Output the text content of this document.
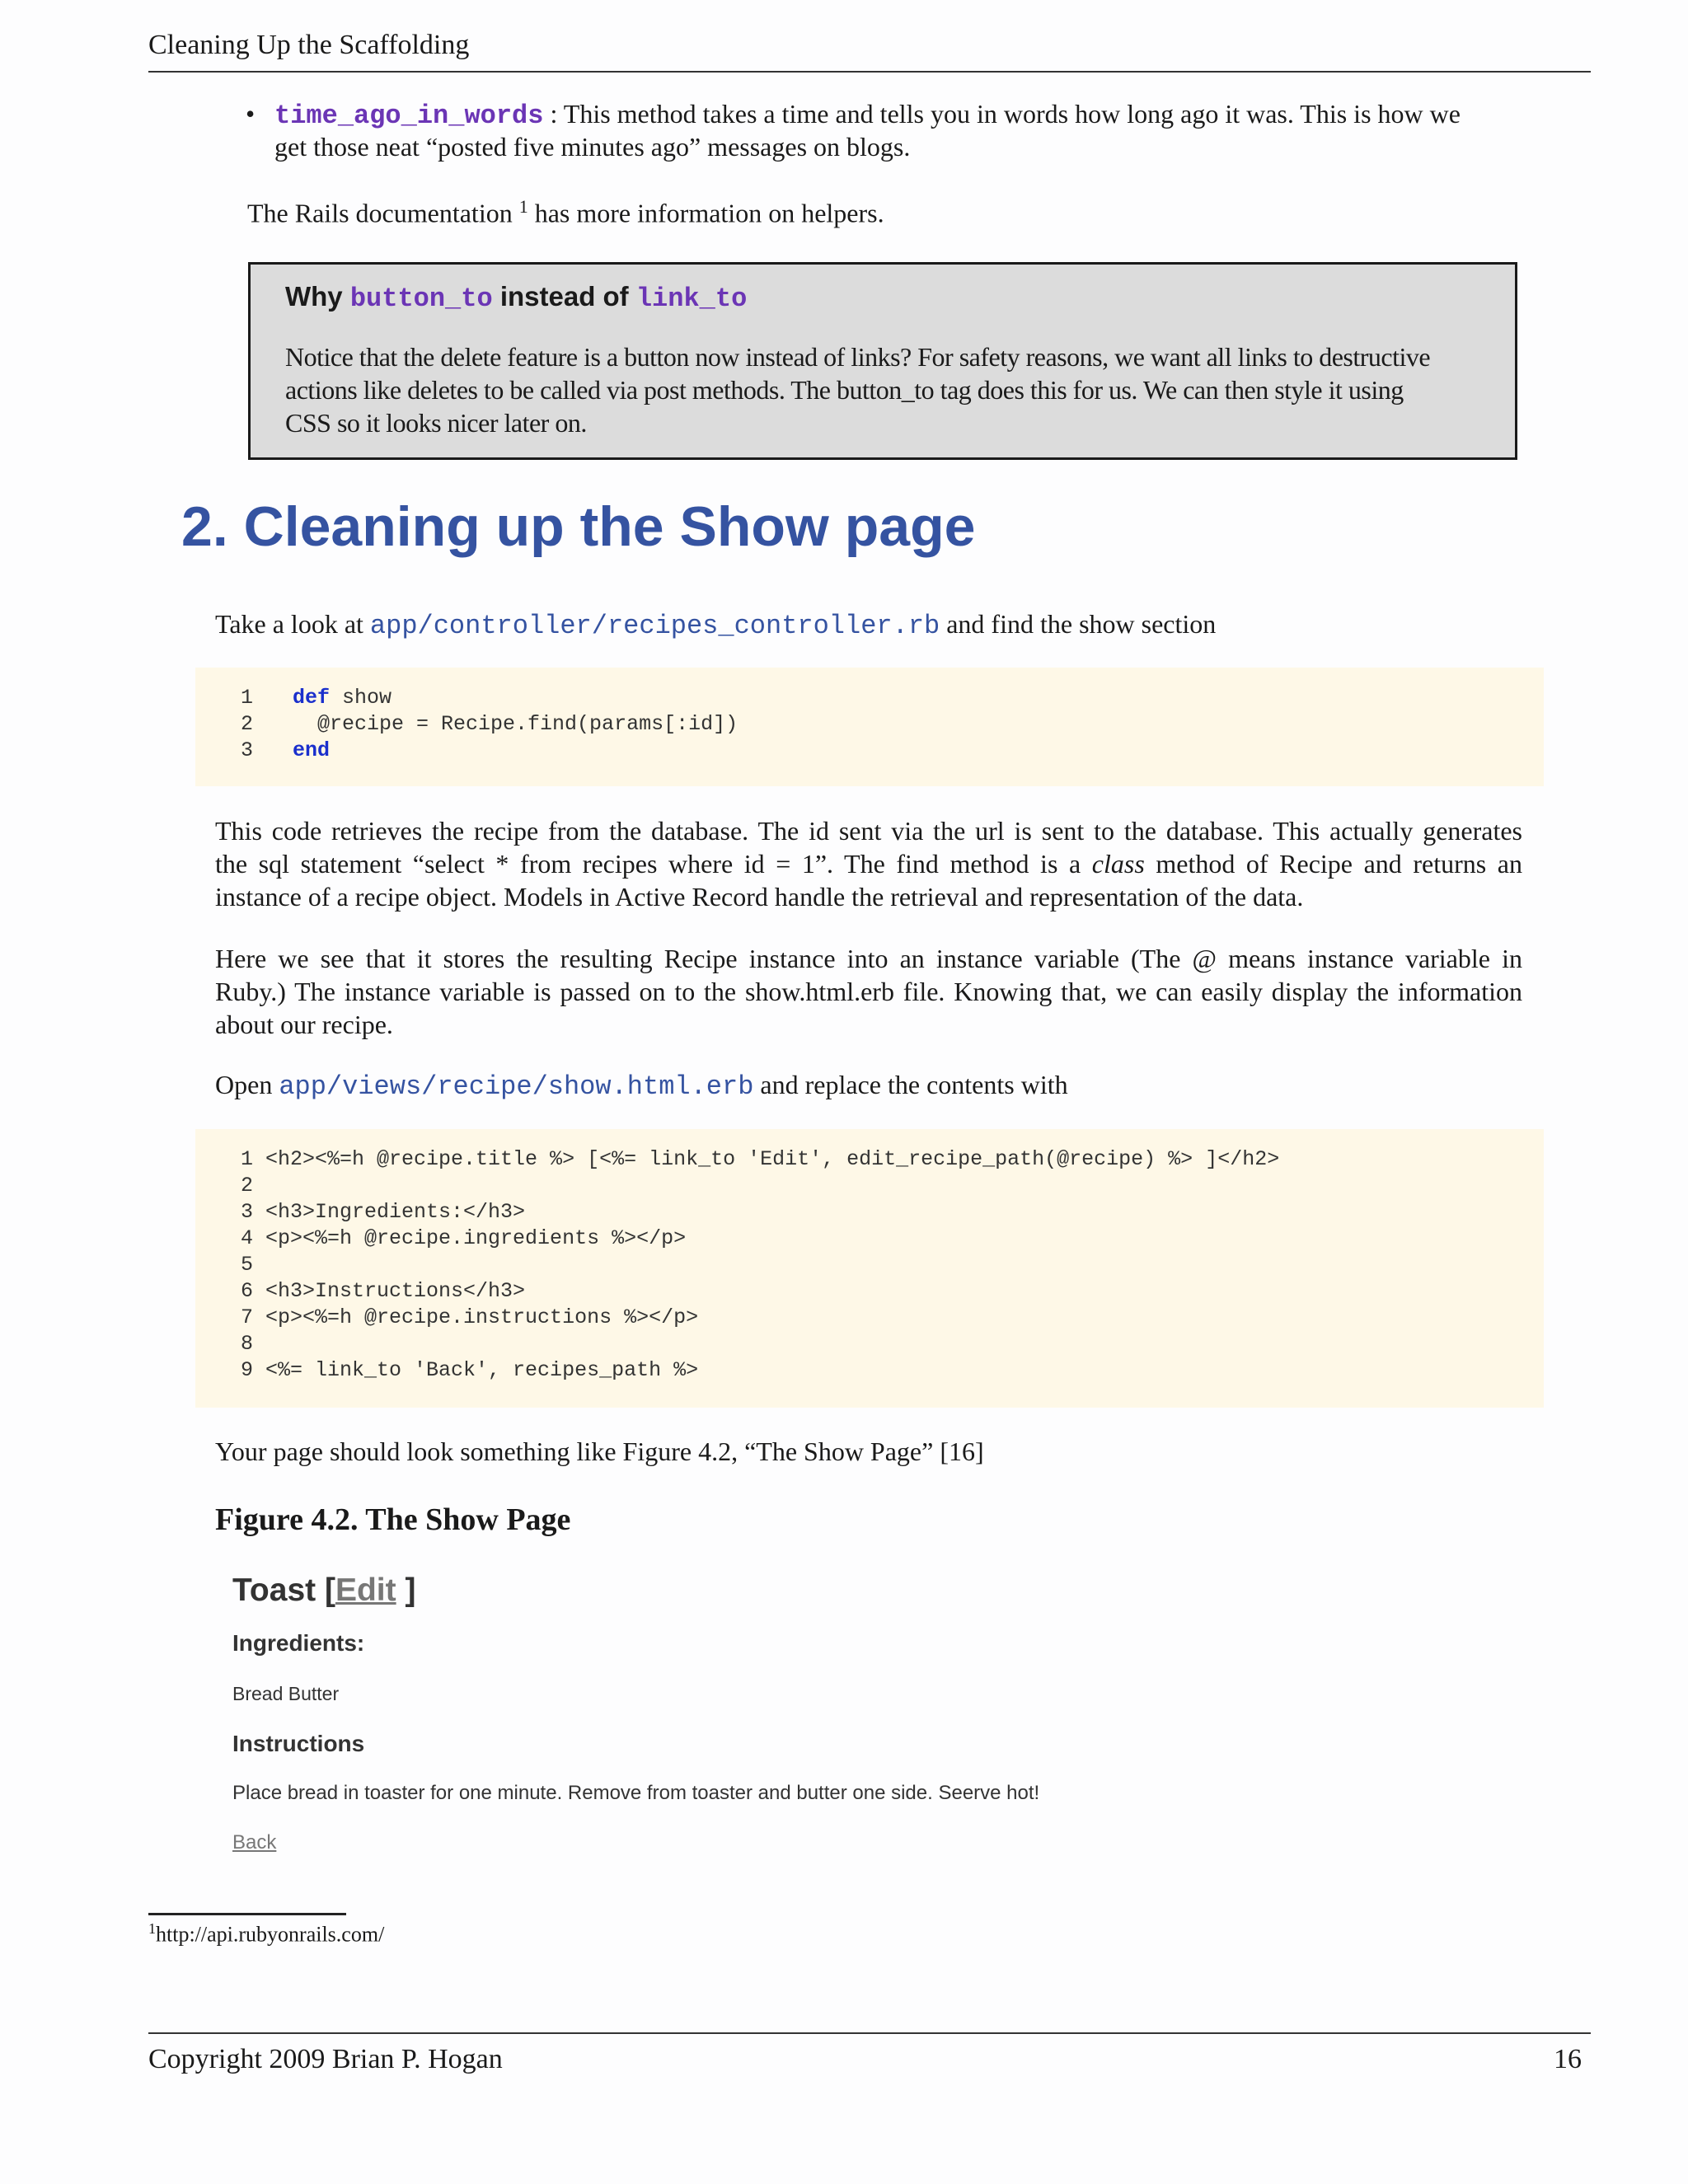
Cleaning Up the Scaffolding
• time_ago_in_words : This method takes a time and tells you in words how long ago it was. This is how we
get those neat “posted five minutes ago” messages on blogs.
The Rails documentation $^1$ has more information on helpers.
Why button_to instead of link_to
Notice that the delete feature is a button now instead of links? For safety reasons, we want all links to destructive
actions like deletes to be called via post methods. The button_to tag does this for us. We can then style it using
CSS so it looks nicer later on.
2. Cleaning up the Show page
Take a look at app/controller/recipes_controller.rb and find the show section
1 def show
2 @recipe = Recipe.find(params[:id])
3 end
This code retrieves the recipe from the database. The id sent via the url is sent to the database. This actually generates
the sql statement “select * from recipes where id = 1”. The find method is a class method of Recipe and returns an
instance of a recipe object. Models in Active Record handle the retrieval and representation of the data.
Here we see that it stores the resulting Recipe instance into an instance variable (The @ means instance variable in
Ruby.) The instance variable is passed on to the show.html.erb file. Knowing that, we can easily display the information
about our recipe.
Open app/views/recipe/show.html.erb and replace the contents with
1 <h2><%=h @recipe.title %> [<%= link_to 'Edit', edit_recipe_path(@recipe) %> ]</h2>
2
3 <h3>Ingredients:</h3>
4 <p><%=h @recipe.ingredients %></p>
5
6 <h3>Instructions</h3>
7 <p><%=h @recipe.instructions %></p>
8
9 <%= link_to 'Back', recipes_path %>
Your page should look something like Figure 4.2, “The Show Page” [16]
Figure 4.2. The Show Page
Toast [Edit ]
Ingredients:
Bread Butter
Instructions
Place bread in toaster for one minute. Remove from toaster and butter one side. Seerve hot!
Back
$^1$http://api.rubyonrails.com/
Copyright 2009 Brian P. Hogan	16
